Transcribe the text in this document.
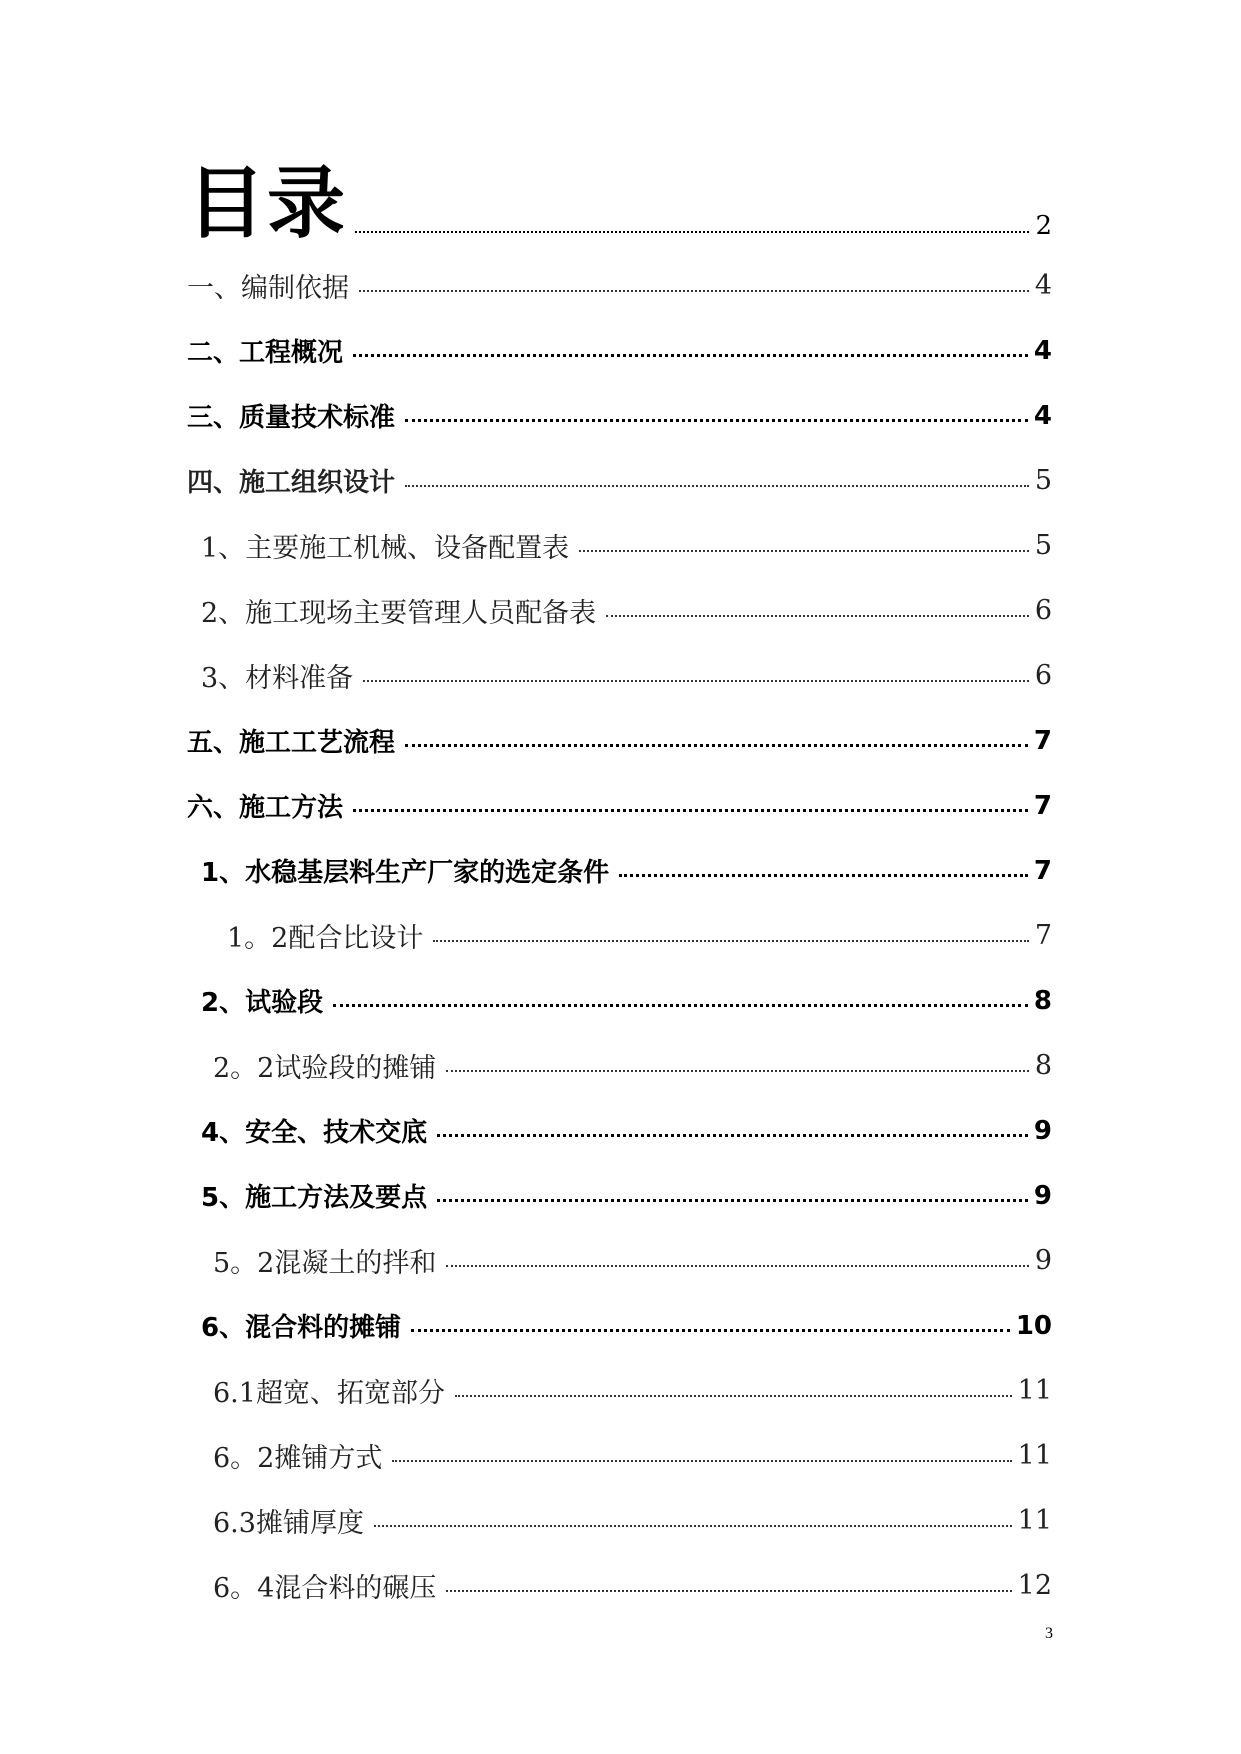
目录	2
一、编制依据	4
二、工程概况	4
三、质量技术标准	4
四、施工组织设计	5
1、主要施工机械、设备配置表	5
2、施工现场主要管理人员配备表	6
3、材料准备	6
五、施工工艺流程	7
六、施工方法	7
1、水稳基层料生产厂家的选定条件	7
1。2配合比设计	7
2、试验段	8
2。2试验段的摊铺	8
4、安全、技术交底	9
5、施工方法及要点	9
5。2混凝土的拌和	9
6、混合料的摊铺	10
6.1超宽、拓宽部分	11
6。2摊铺方式	11
6.3摊铺厚度	11
6。4混合料的碾压	12
3
